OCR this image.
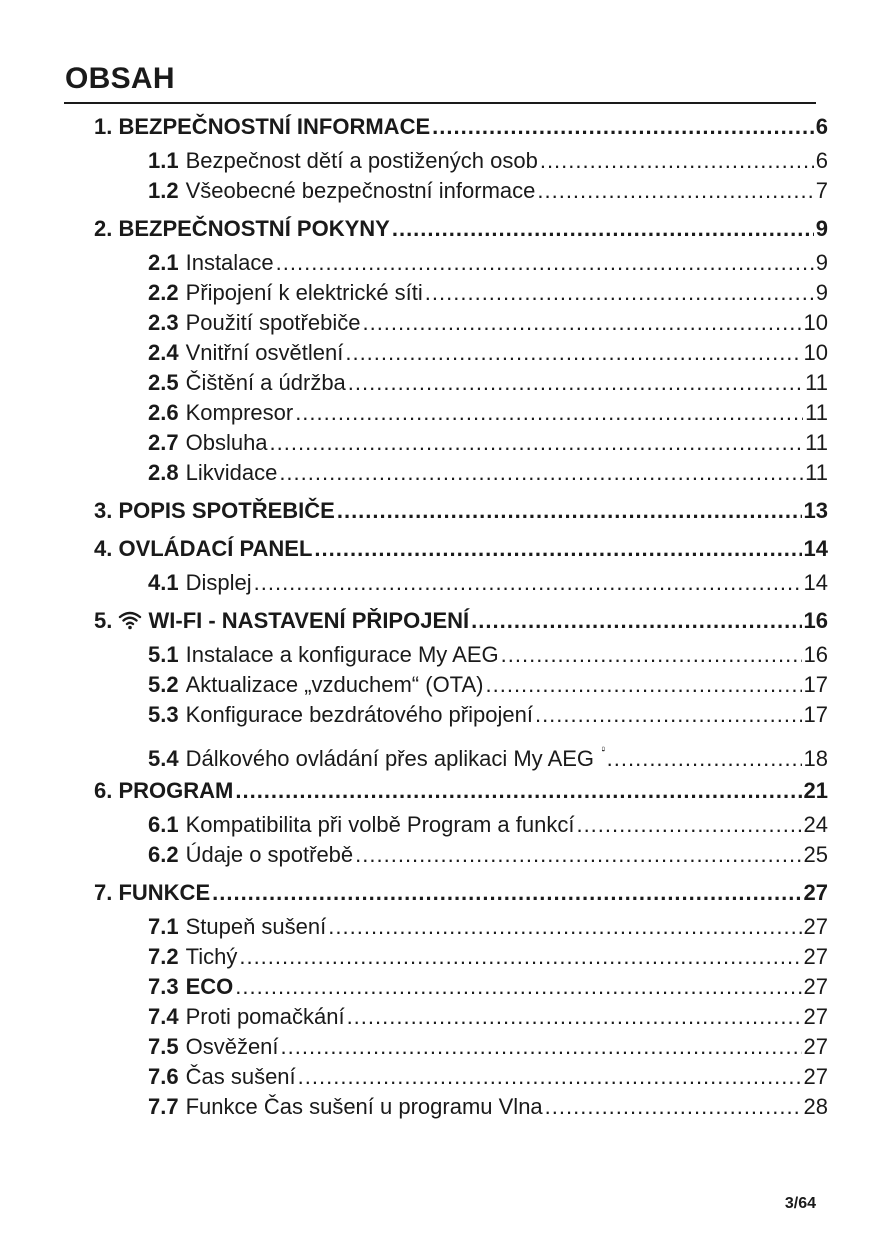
OBSAH
1. BEZPEČNOSTNÍ INFORMACE .....	6
1.1 Bezpečnost dětí a postižených osob .....	6
1.2 Všeobecné bezpečnostní informace .....	7
2. BEZPEČNOSTNÍ POKYNY .....	9
2.1 Instalace .....	9
2.2 Připojení k elektrické síti .....	9
2.3 Použití spotřebiče .....	10
2.4 Vnitřní osvětlení .....	10
2.5 Čištění a údržba .....	11
2.6 Kompresor .....	11
2.7 Obsluha .....	11
2.8 Likvidace .....	11
3. POPIS SPOTŘEBIČE .....	13
4. OVLÁDACÍ PANEL .....	14
4.1 Displej .....	14
5. WI-FI - NASTAVENÍ PŘIPOJENÍ .....	16
5.1 Instalace a konfigurace My AEG .....	16
5.2 Aktualizace „vzduchem“ (OTA) .....	17
5.3 Konfigurace bezdrátového připojení .....	17
5.4 Dálkového ovládání přes aplikaci My AEG .....	18
6. PROGRAM .....	21
6.1 Kompatibilita při volbě Program a funkcí .....	24
6.2 Údaje o spotřebě .....	25
7. FUNKCE .....	27
7.1 Stupeň sušení .....	27
7.2 Tichý .....	27
7.3 ECO .....	27
7.4 Proti pomačkání .....	27
7.5 Osvěžení .....	27
7.6 Čas sušení .....	27
7.7 Funkce Čas sušení u programu Vlna .....	28
3/64
